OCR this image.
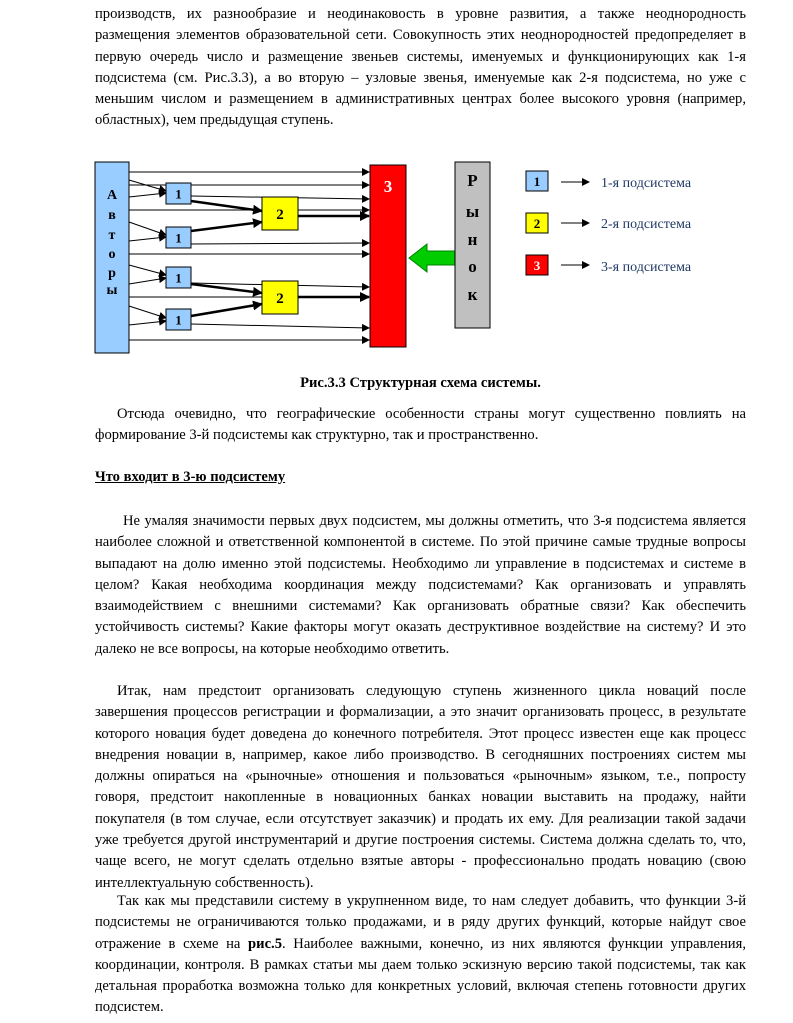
производств, их разнообразие и неодинаковость в уровне развития, а также неоднородность размещения элементов образовательной сети. Совокупность этих неоднородностей предопределяет в первую очередь число и размещение звеньев системы, именуемых и функционирующих как 1-я подсистема (см. Рис.3.3), а во вторую – узловые звенья, именуемые как 2-я подсистема, но уже с меньшим числом и размещением в административных центрах более высокого уровня (например, областных), чем предыдущая ступень.

А
в
т
о
р
ы
1
1
1
1
2
2
3	Р
ы
н
о
к
1	1-я подсистема
2	2-я подсистема
3	3-я подсистема
Рис.3.3 Структурная схема системы.

Отсюда очевидно, что географические особенности страны могут существенно повлиять на формирование 3-й подсистемы как структурно, так и пространственно.

Что входит в 3-ю подсистему

Не умаляя значимости первых двух подсистем, мы должны отметить, что 3-я подсистема является наиболее сложной и ответственной компонентой в системе. По этой причине самые трудные вопросы выпадают на долю именно этой подсистемы. Необходимо ли управление в подсистемах и системе в целом? Какая необходима координация между подсистемами? Как организовать и управлять взаимодействием с внешними системами? Как организовать обратные связи? Как обеспечить устойчивость системы? Какие факторы могут оказать деструктивное воздействие на систему? И это далеко не все вопросы, на которые необходимо ответить.

Итак, нам предстоит организовать следующую ступень жизненного цикла новаций после завершения процессов регистрации и формализации, а это значит организовать процесс, в результате которого новация будет доведена до конечного потребителя. Этот процесс известен еще как процесс внедрения новации в, например, какое либо производство. В сегодняшних построениях систем мы должны опираться на «рыночные» отношения и пользоваться «рыночным» языком, т.е., попросту говоря, предстоит накопленные в новационных банках новации выставить на продажу, найти покупателя (в том случае, если отсутствует заказчик) и продать их ему. Для реализации такой задачи уже требуется другой инструментарий и другие построения системы. Система должна сделать то, что, чаще всего, не могут сделать отдельно взятые авторы - профессионально продать новацию (свою интеллектуальную собственность).

Так как мы представили систему в укрупненном виде, то нам следует добавить, что функции 3-й подсистемы не ограничиваются только продажами, и в ряду других функций, которые найдут свое отражение в схеме на рис.5. Наиболее важными, конечно, из них являются функции управления, координации, контроля. В рамках статьи мы даем только эскизную версию такой подсистемы, так как детальная проработка возможна только для конкретных условий, включая степень готовности других подсистем.
